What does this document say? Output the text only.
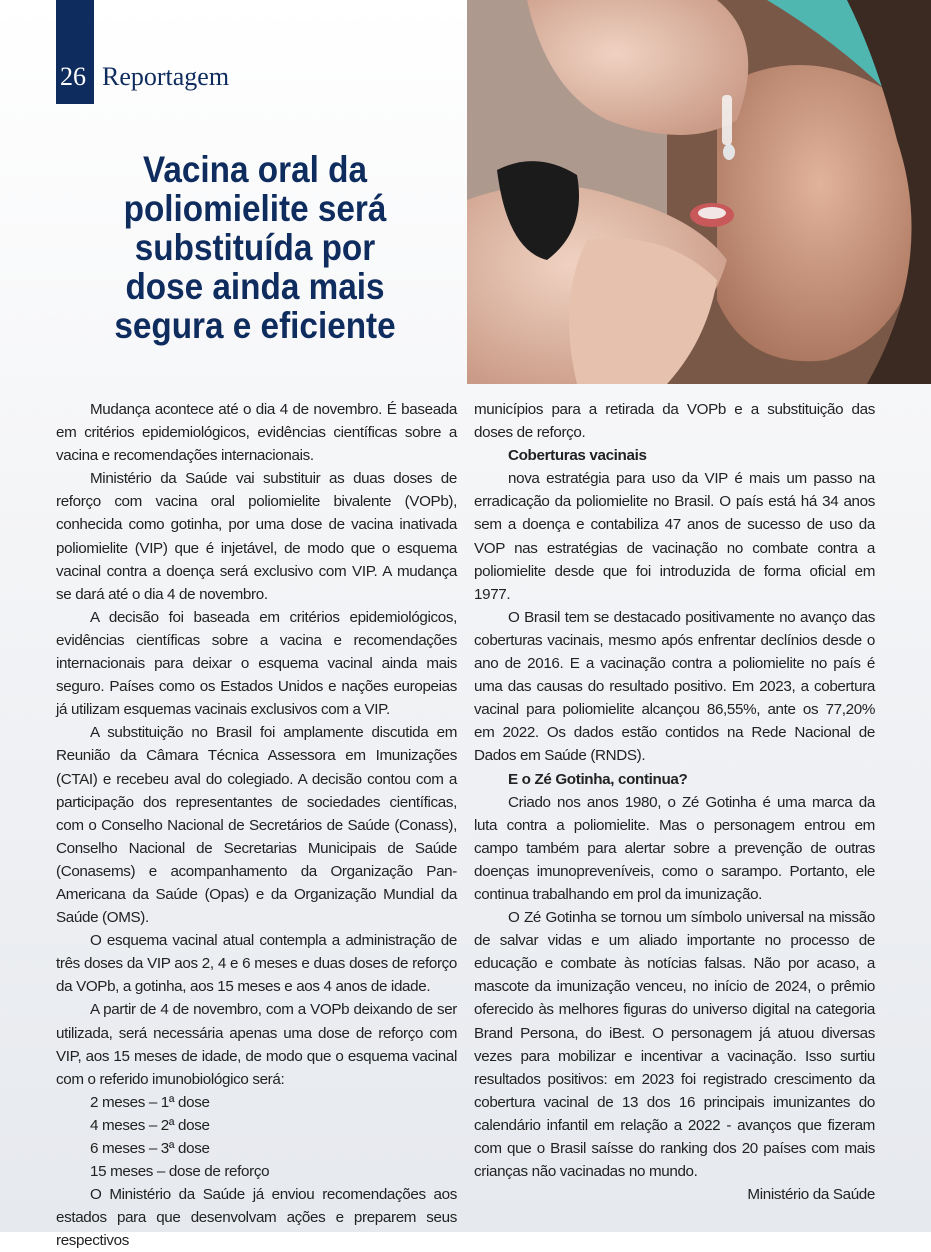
26 Reportagem
Vacina oral da poliomielite será substituída por dose ainda mais segura e eficiente

Mudança acontece até o dia 4 de novembro. É baseada em critérios epidemiológicos, evidências científicas sobre a vacina e recomendações internacionais.

Ministério da Saúde vai substituir as duas doses de reforço com vacina oral poliomielite bivalente (VOPb), conhecida como gotinha, por uma dose de vacina inativada poliomielite (VIP) que é injetável, de modo que o esquema vacinal contra a doença será exclusivo com VIP. A mudança se dará até o dia 4 de novembro.

A decisão foi baseada em critérios epidemiológicos, evidências científicas sobre a vacina e recomendações internacionais para deixar o esquema vacinal ainda mais seguro. Países como os Estados Unidos e nações europeias já utilizam esquemas vacinais exclusivos com a VIP.

A substituição no Brasil foi amplamente discutida em Reunião da Câmara Técnica Assessora em Imunizações (CTAI) e recebeu aval do colegiado. A decisão contou com a participação dos representantes de sociedades científicas, com o Conselho Nacional de Secretários de Saúde (Conass), Conselho Nacional de Secretarias Municipais de Saúde (Conasems) e acompanhamento da Organização Pan-Americana da Saúde (Opas) e da Organização Mundial da Saúde (OMS).

O esquema vacinal atual contempla a administração de três doses da VIP aos 2, 4 e 6 meses e duas doses de reforço da VOPb, a gotinha, aos 15 meses e aos 4 anos de idade.

A partir de 4 de novembro, com a VOPb deixando de ser utilizada, será necessária apenas uma dose de reforço com VIP, aos 15 meses de idade, de modo que o esquema vacinal com o referido imunobiológico será:

2 meses – 1ª dose
4 meses – 2ª dose
6 meses – 3ª dose
15 meses – dose de reforço

O Ministério da Saúde já enviou recomendações aos estados para que desenvolvam ações e preparem seus respectivos

municípios para a retirada da VOPb e a substituição das doses de reforço.

Coberturas vacinais

nova estratégia para uso da VIP é mais um passo na erradicação da poliomielite no Brasil. O país está há 34 anos sem a doença e contabiliza 47 anos de sucesso de uso da VOP nas estratégias de vacinação no combate contra a poliomielite desde que foi introduzida de forma oficial em 1977.

O Brasil tem se destacado positivamente no avanço das coberturas vacinais, mesmo após enfrentar declínios desde o ano de 2016. E a vacinação contra a poliomielite no país é uma das causas do resultado positivo. Em 2023, a cobertura vacinal para poliomielite alcançou 86,55%, ante os 77,20% em 2022. Os dados estão contidos na Rede Nacional de Dados em Saúde (RNDS).

E o Zé Gotinha, continua?

Criado nos anos 1980, o Zé Gotinha é uma marca da luta contra a poliomielite. Mas o personagem entrou em campo também para alertar sobre a prevenção de outras doenças imunopreveníveis, como o sarampo. Portanto, ele continua trabalhando em prol da imunização.

O Zé Gotinha se tornou um símbolo universal na missão de salvar vidas e um aliado importante no processo de educação e combate às notícias falsas. Não por acaso, a mascote da imunização venceu, no início de 2024, o prêmio oferecido às melhores figuras do universo digital na categoria Brand Persona, do iBest. O personagem já atuou diversas vezes para mobilizar e incentivar a vacinação. Isso surtiu resultados positivos: em 2023 foi registrado crescimento da cobertura vacinal de 13 dos 16 principais imunizantes do calendário infantil em relação a 2022 - avanços que fizeram com que o Brasil saísse do ranking dos 20 países com mais crianças não vacinadas no mundo.

Ministério da Saúde
